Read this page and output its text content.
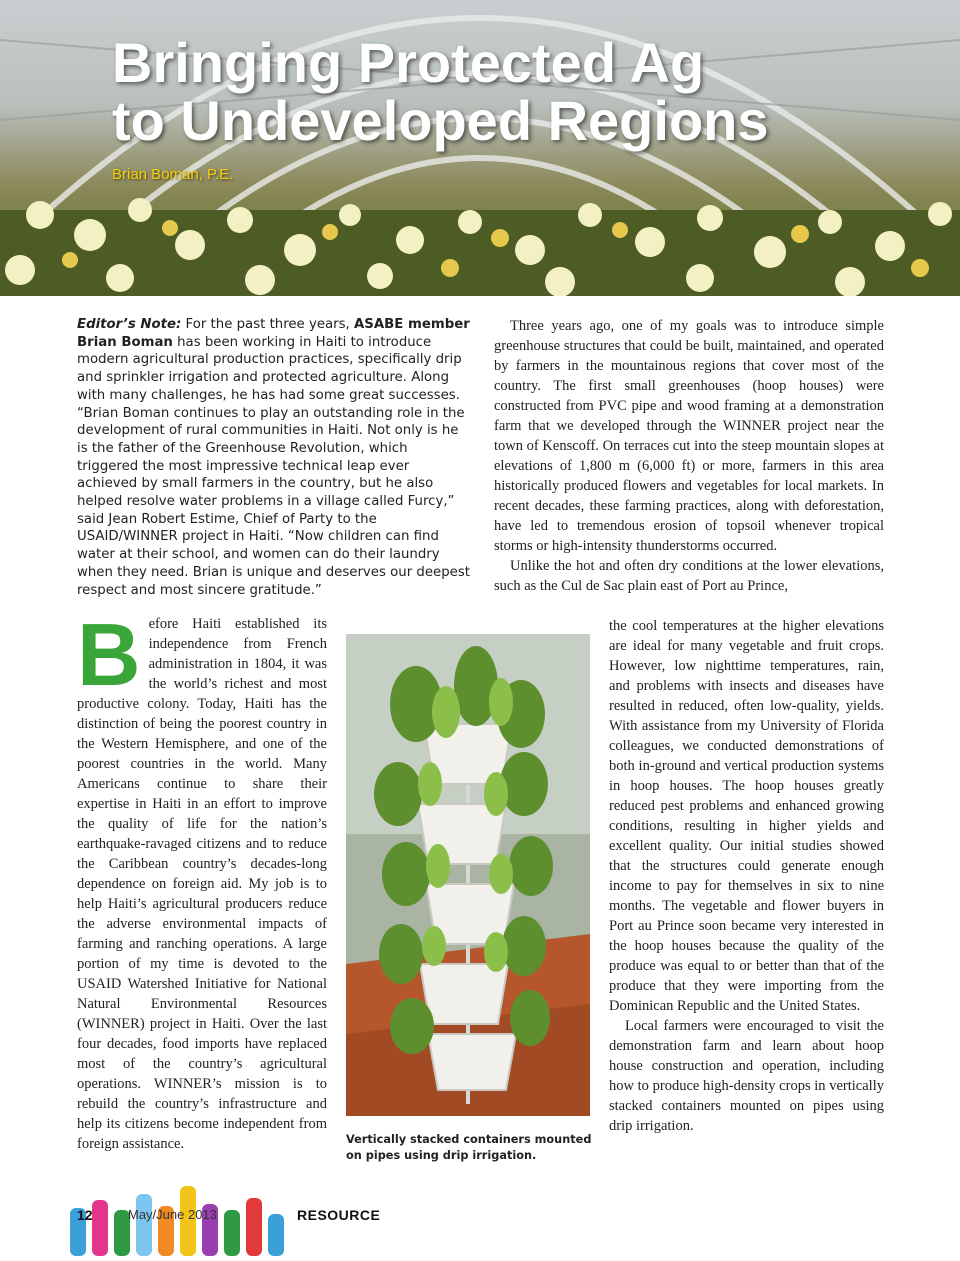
Bringing Protected Ag
to Undeveloped Regions
Brian Boman, P.E.
Editor’s Note: For the past three years, ASABE member Brian Boman has been working in Haiti to introduce modern agricultural production practices, specifically drip and sprinkler irrigation and protected agriculture. Along with many challenges, he has had some great successes. “Brian Boman continues to play an outstanding role in the development of rural communities in Haiti. Not only is he is the father of the Greenhouse Revolution, which triggered the most impressive technical leap ever achieved by small farmers in the country, but he also helped resolve water problems in a village called Furcy,” said Jean Robert Estime, Chief of Party to the USAID/WINNER project in Haiti. “Now children can find water at their school, and women can do their laundry when they need. Brian is unique and deserves our deepest respect and most sincere gratitude.”

Before Haiti established its independence from French administration in 1804, it was the world’s richest and most productive colony. Today, Haiti has the distinction of being the poorest country in the Western Hemisphere, and one of the poorest countries in the world. Many Americans continue to share their expertise in Haiti in an effort to improve the quality of life for the nation’s earthquake-ravaged citizens and to reduce the Caribbean country’s decades-long dependence on foreign aid. My job is to help Haiti’s agricultural producers reduce the adverse environmental impacts of farming and ranching operations. A large portion of my time is devoted to the USAID Watershed Initiative for National Natural Environmental Resources (WINNER) project in Haiti. Over the last four decades, food imports have replaced most of the country’s agricultural operations. WINNER’s mission is to rebuild the country’s infrastructure and help its citizens become independent from foreign assistance.

Three years ago, one of my goals was to introduce simple greenhouse structures that could be built, maintained, and operated by farmers in the mountainous regions that cover most of the country. The first small greenhouses (hoop houses) were constructed from PVC pipe and wood framing at a demonstration farm that we developed through the WINNER project near the town of Kenscoff. On terraces cut into the steep mountain slopes at elevations of 1,800 m (6,000 ft) or more, farmers in this area historically produced flowers and vegetables for local markets. In recent decades, these farming practices, along with deforestation, have led to tremendous erosion of topsoil whenever tropical storms or high-intensity thunderstorms occurred.

Unlike the hot and often dry conditions at the lower elevations, such as the Cul de Sac plain east of Port au Prince,

the cool temperatures at the higher elevations are ideal for many vegetable and fruit crops. However, low nighttime temperatures, rain, and problems with insects and diseases have resulted in reduced, often low-quality, yields. With assistance from my University of Florida colleagues, we conducted demonstrations of both in-ground and vertical production systems in hoop houses. The hoop houses greatly reduced pest problems and enhanced growing conditions, resulting in higher yields and excellent quality. Our initial studies showed that the structures could generate enough income to pay for themselves in six to nine months. The vegetable and flower buyers in Port au Prince soon became very interested in the hoop houses because the quality of the produce was equal to or better than that of the produce that they were importing from the Dominican Republic and the United States.

Local farmers were encouraged to visit the demonstration farm and learn about hoop house construction and operation, including how to produce high-density crops in vertically stacked containers mounted on pipes using drip irrigation.

Vertically stacked containers mounted on pipes using drip irrigation.
12	May/June 2013	RESOURCE
